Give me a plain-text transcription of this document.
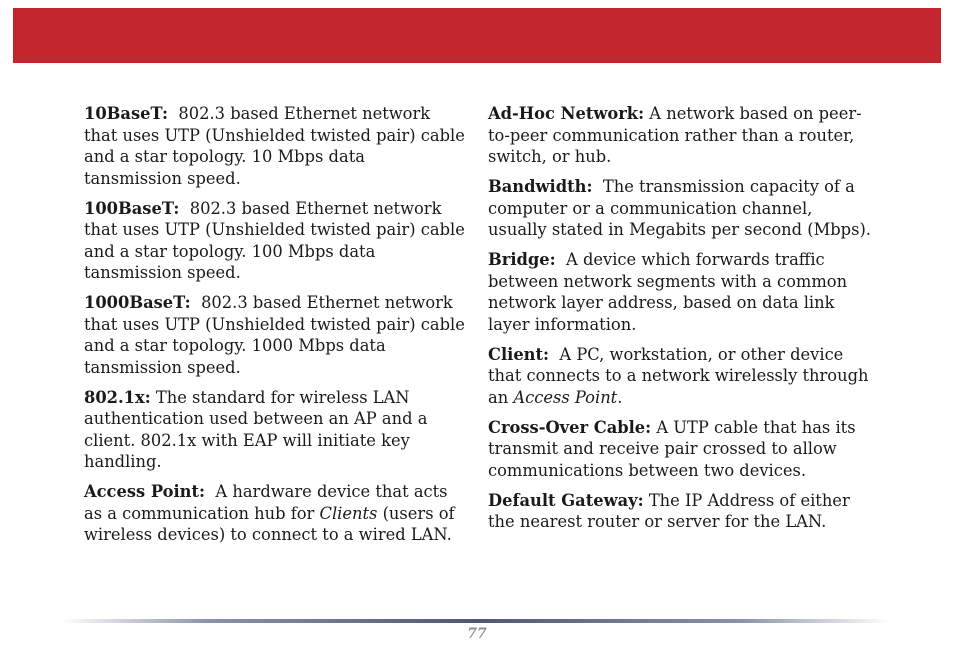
10BaseT: 802.3 based Ethernet network that uses UTP (Unshielded twisted pair) cable and a star topology. 10 Mbps data tansmission speed.

100BaseT: 802.3 based Ethernet network that uses UTP (Unshielded twisted pair) cable and a star topology. 100 Mbps data tansmission speed.

1000BaseT: 802.3 based Ethernet network that uses UTP (Unshielded twisted pair) cable and a star topology. 1000 Mbps data tansmission speed.

802.1x: The standard for wireless LAN authentication used between an AP and a client. 802.1x with EAP will initiate key handling.

Access Point: A hardware device that acts as a communication hub for Clients (users of wireless devices) to connect to a wired LAN.

Ad-Hoc Network: A network based on peer-to-peer communication rather than a router, switch, or hub.

Bandwidth: The transmission capacity of a computer or a communication channel, usually stated in Megabits per second (Mbps).

Bridge: A device which forwards traffic between network segments with a common network layer address, based on data link layer information.

Client: A PC, workstation, or other device that connects to a network wirelessly through an Access Point.

Cross-Over Cable: A UTP cable that has its transmit and receive pair crossed to allow communications between two devices.

Default Gateway: The IP Address of either the nearest router or server for the LAN.

77
